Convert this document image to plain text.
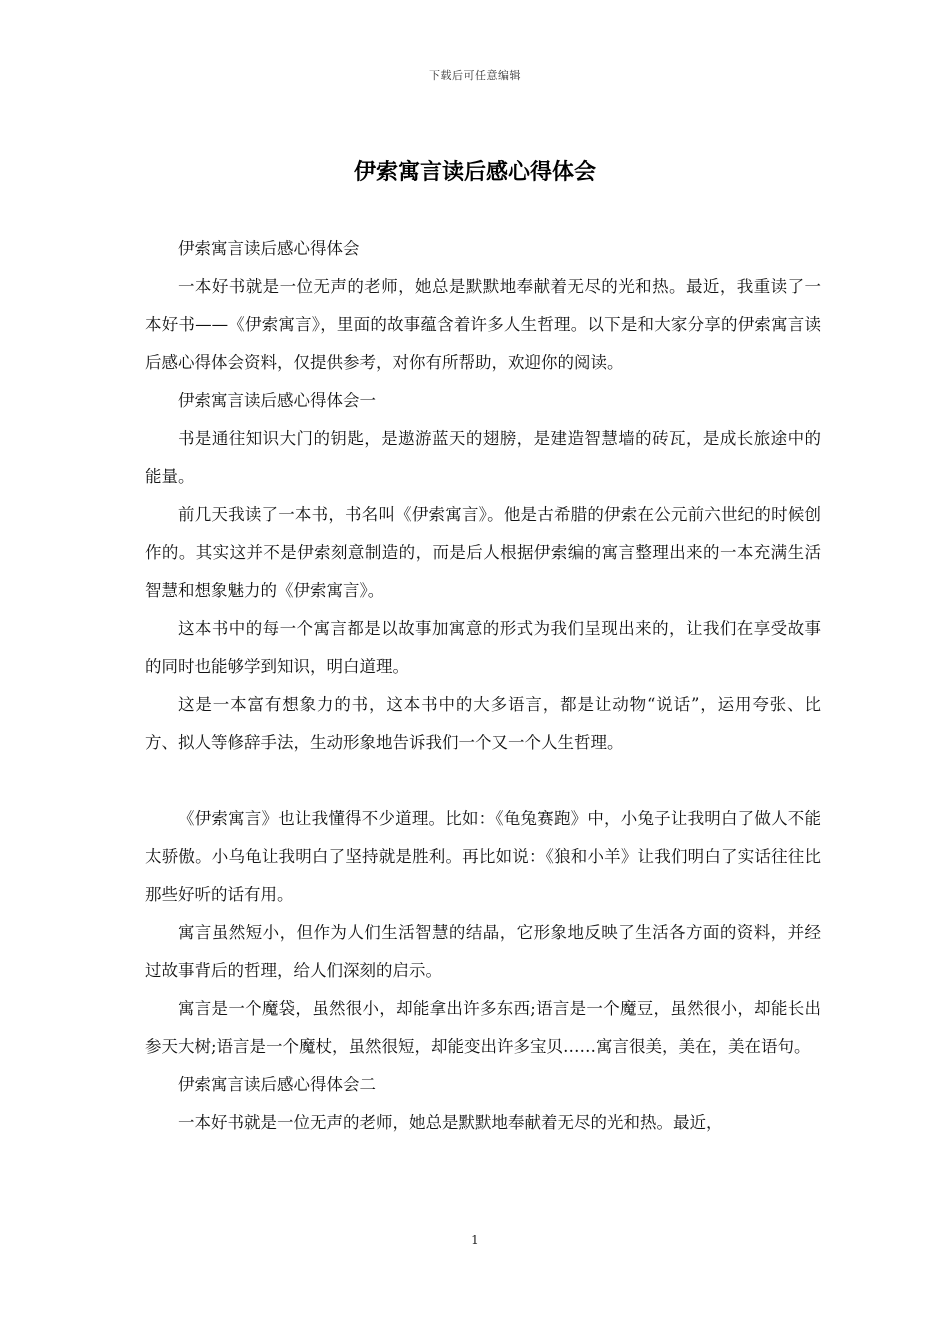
下载后可任意编辑
伊索寓言读后感心得体会

伊索寓言读后感心得体会

一本好书就是一位无声的老师，她总是默默地奉献着无尽的光和热。最近，我重读了一本好书——《伊索寓言》，里面的故事蕴含着许多人生哲理。以下是和大家分享的伊索寓言读后感心得体会资料，仅提供参考，对你有所帮助，欢迎你的阅读。

伊索寓言读后感心得体会一

书是通往知识大门的钥匙，是遨游蓝天的翅膀，是建造智慧墙的砖瓦，是成长旅途中的能量。

前几天我读了一本书，书名叫《伊索寓言》。他是古希腊的伊索在公元前六世纪的时候创作的。其实这并不是伊索刻意制造的，而是后人根据伊索编的寓言整理出来的一本充满生活智慧和想象魅力的《伊索寓言》。

这本书中的每一个寓言都是以故事加寓意的形式为我们呈现出来的，让我们在享受故事的同时也能够学到知识，明白道理。

这是一本富有想象力的书，这本书中的大多语言，都是让动物“说话”，运用夸张、比方、拟人等修辞手法，生动形象地告诉我们一个又一个人生哲理。

《伊索寓言》也让我懂得不少道理。比如：《龟兔赛跑》中，小兔子让我明白了做人不能太骄傲。小乌龟让我明白了坚持就是胜利。再比如说：《狼和小羊》让我们明白了实话往往比那些好听的话有用。

寓言虽然短小，但作为人们生活智慧的结晶，它形象地反映了生活各方面的资料，并经过故事背后的哲理，给人们深刻的启示。

寓言是一个魔袋，虽然很小，却能拿出许多东西;语言是一个魔豆，虽然很小，却能长出参天大树;语言是一个魔杖，虽然很短，却能变出许多宝贝……寓言很美，美在，美在语句。

伊索寓言读后感心得体会二

一本好书就是一位无声的老师，她总是默默地奉献着无尽的光和热。最近，

1
